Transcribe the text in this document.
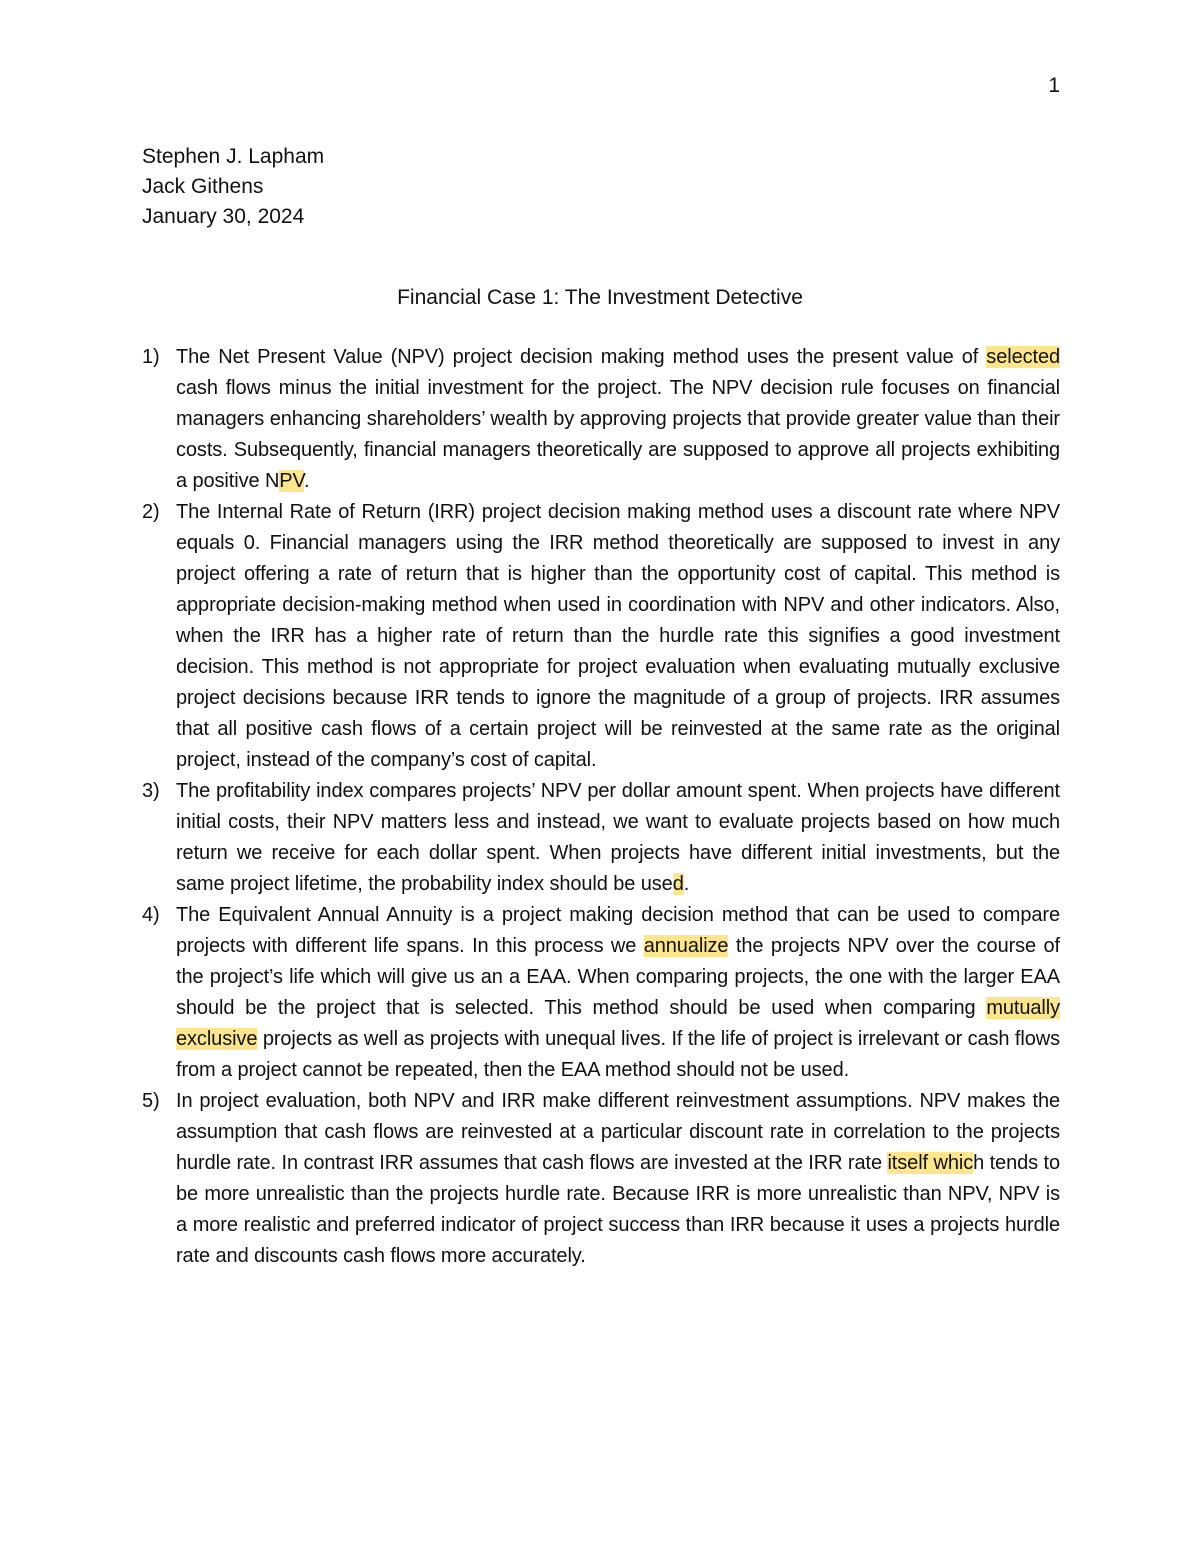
1
Stephen J. Lapham
Jack Githens
January 30, 2024
Financial Case 1: The Investment Detective
1) The Net Present Value (NPV) project decision making method uses the present value of selected cash flows minus the initial investment for the project. The NPV decision rule focuses on financial managers enhancing shareholders’ wealth by approving projects that provide greater value than their costs. Subsequently, financial managers theoretically are supposed to approve all projects exhibiting a positive NPV.
2) The Internal Rate of Return (IRR) project decision making method uses a discount rate where NPV equals 0. Financial managers using the IRR method theoretically are supposed to invest in any project offering a rate of return that is higher than the opportunity cost of capital. This method is appropriate decision-making method when used in coordination with NPV and other indicators. Also, when the IRR has a higher rate of return than the hurdle rate this signifies a good investment decision. This method is not appropriate for project evaluation when evaluating mutually exclusive project decisions because IRR tends to ignore the magnitude of a group of projects. IRR assumes that all positive cash flows of a certain project will be reinvested at the same rate as the original project, instead of the company’s cost of capital.
3) The profitability index compares projects’ NPV per dollar amount spent. When projects have different initial costs, their NPV matters less and instead, we want to evaluate projects based on how much return we receive for each dollar spent. When projects have different initial investments, but the same project lifetime, the probability index should be used.
4) The Equivalent Annual Annuity is a project making decision method that can be used to compare projects with different life spans. In this process we annualize the projects NPV over the course of the project’s life which will give us an a EAA. When comparing projects, the one with the larger EAA should be the project that is selected. This method should be used when comparing mutually exclusive projects as well as projects with unequal lives. If the life of project is irrelevant or cash flows from a project cannot be repeated, then the EAA method should not be used.
5) In project evaluation, both NPV and IRR make different reinvestment assumptions. NPV makes the assumption that cash flows are reinvested at a particular discount rate in correlation to the projects hurdle rate. In contrast IRR assumes that cash flows are invested at the IRR rate itself which tends to be more unrealistic than the projects hurdle rate. Because IRR is more unrealistic than NPV, NPV is a more realistic and preferred indicator of project success than IRR because it uses a projects hurdle rate and discounts cash flows more accurately.
